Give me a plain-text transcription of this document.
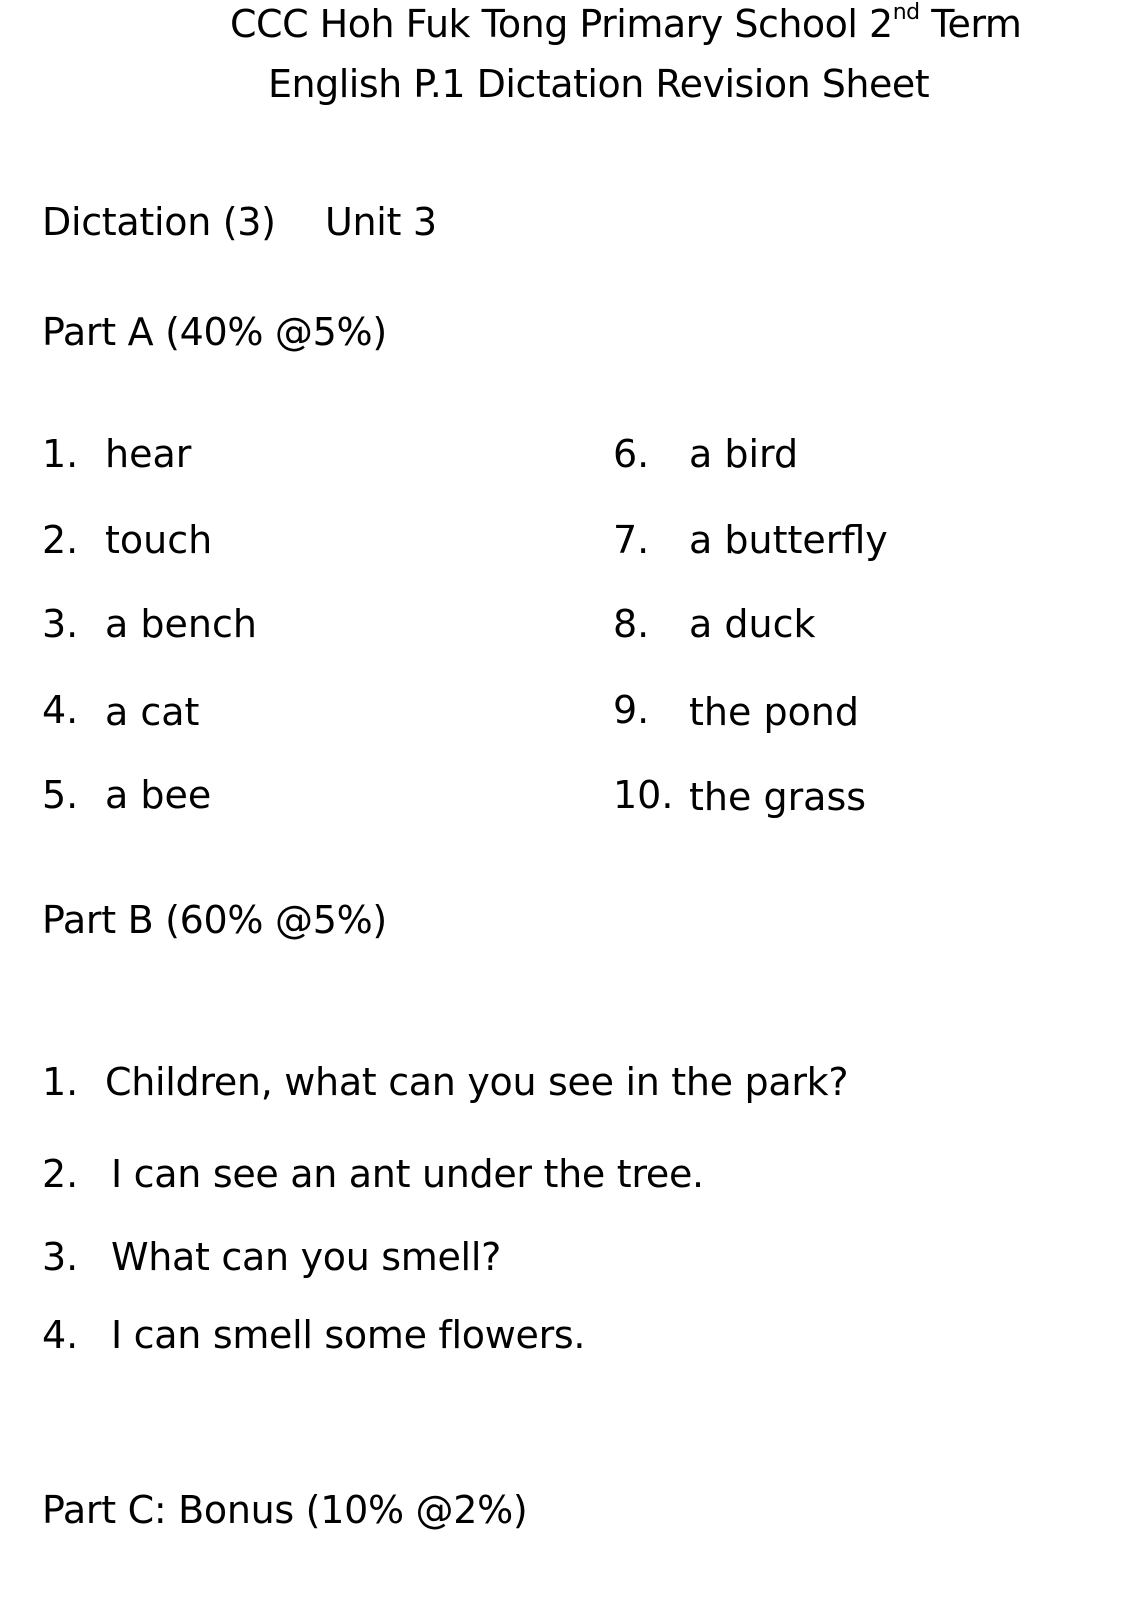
CCC Hoh Fuk Tong Primary School 2nd Term
English P.1 Dictation Revision Sheet
Dictation (3) Unit 3
Part A (40% @5%)
1. hear
2. touch
3. a bench
4. a cat
5. a bee
6. a bird
7. a butterfly
8. a duck
9. the pond
10. the grass
Part B (60% @5%)
1. Children, what can you see in the park?
2. I can see an ant under the tree.
3. What can you smell?
4. I can smell some flowers.
Part C: Bonus (10% @2%)
